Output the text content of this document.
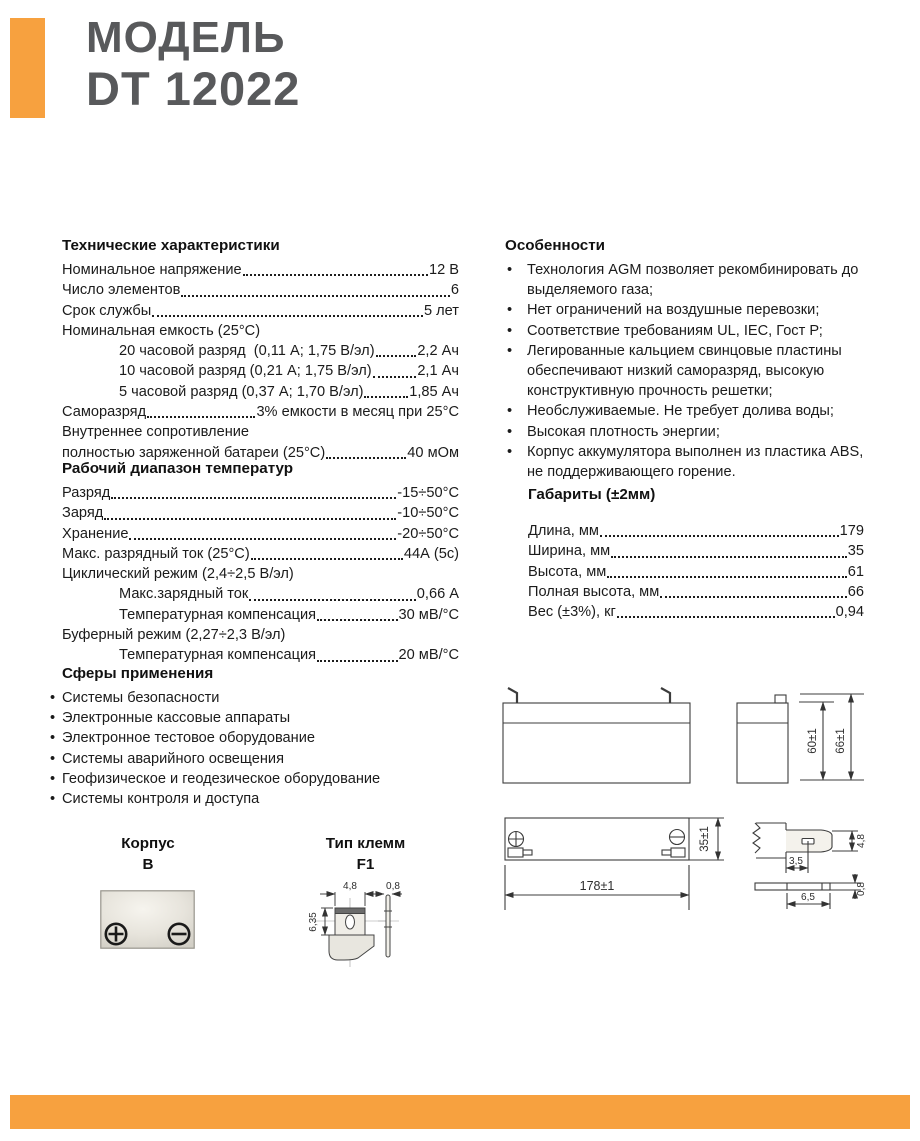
МОДЕЛЬ
DT 12022
Технические характеристики
Номинальное напряжение	12 В
Число элементов	6
Срок службы	5 лет
Номинальная емкость (25°С)
20 часовой разряд  (0,11 А; 1,75 В/эл)	2,2 Ач
10 часовой разряд (0,21 А; 1,75 В/эл)	2,1 Ач
5 часовой разряд (0,37 А; 1,70 В/эл)	1,85 Ач
Саморазряд	3% емкости в месяц при 25°С
Внутреннее сопротивление
полностью заряженной батареи (25°С)	40 мОм
Рабочий диапазон температур
Разряд	-15÷50°С
Заряд	-10÷50°С
Хранение	-20÷50°С
Макс. разрядный ток (25°С)	44А (5с)
Циклический режим (2,4÷2,5 В/эл)
Макс.зарядный ток	0,66 А
Температурная компенсация	30 мВ/°С
Буферный режим (2,27÷2,3 В/эл)
Температурная компенсация	20 мВ/°С
Сферы применения
• Системы безопасности
• Электронные кассовые аппараты
• Электронное тестовое оборудование
• Системы аварийного освещения
• Геофизическое и геодезическое оборудование
• Системы контроля и доступа
Особенности
• Технология AGM позволяет рекомбинировать до выделяемого газа;
• Нет ограничений на воздушные перевозки;
• Соответствие требованиям UL, IEC, Гост Р;
• Легированные кальцием свинцовые пластины обеспечивают низкий саморазряд, высокую конструктивную прочность решетки;
• Необслуживаемые. Не требует долива воды;
• Высокая плотность энергии;
• Корпус аккумулятора выполнен из пластика ABS, не поддерживающего горение.
Габариты (±2мм)
Длина, мм	179
Ширина, мм	35
Высота, мм	61
Полная высота, мм	66
Вес (±3%), кг	0,94
Корпус
B
Тип клемм
F1
4,8	0,8
6,35
60±1 66±1
35±1
178±1
3,5
4,8
6,5
0,8
